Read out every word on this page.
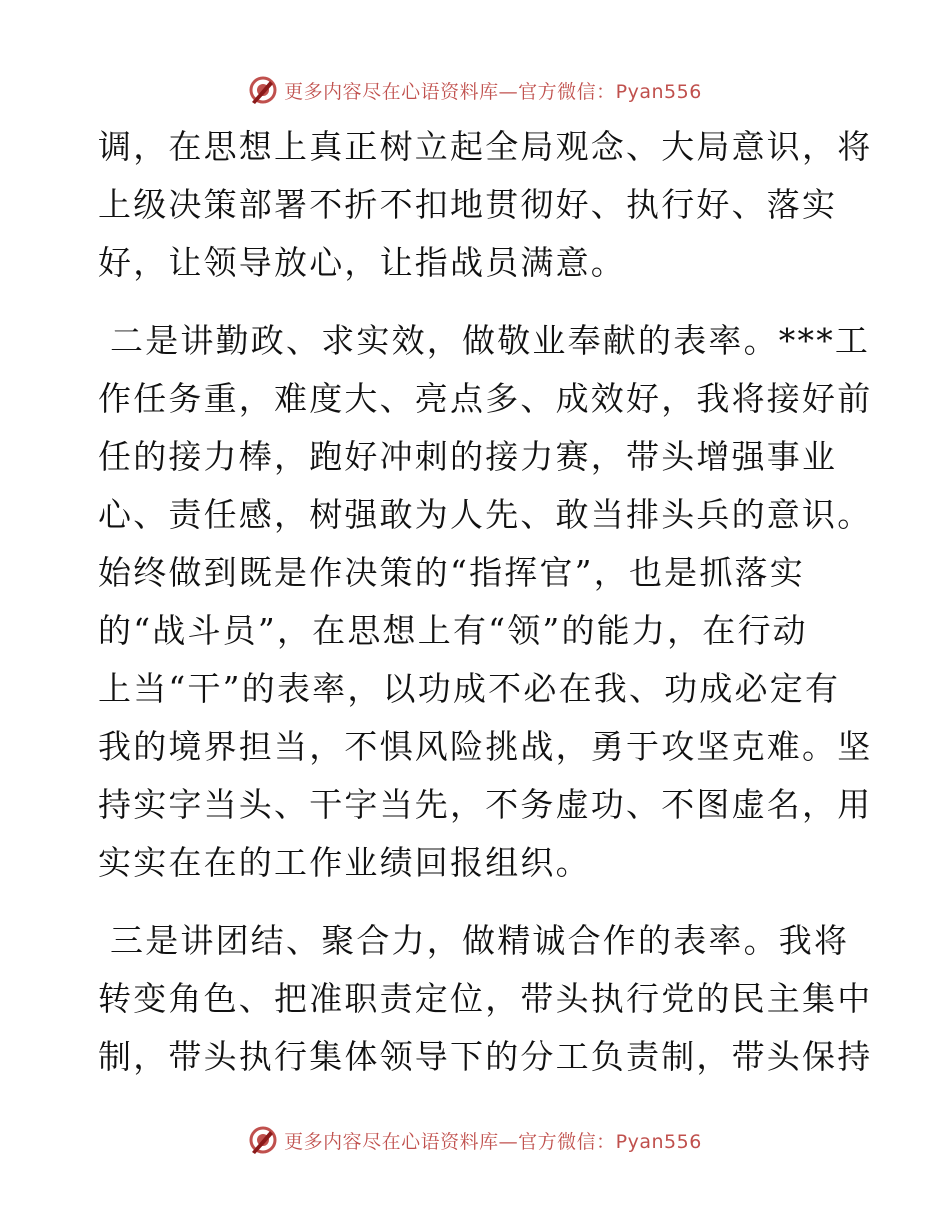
更多内容尽在心语资料库—官方微信：Pyan556
调，在思想上真正树立起全局观念、大局意识，将
上级决策部署不折不扣地贯彻好、执行好、落实
好，让领导放心，让指战员满意。
二是讲勤政、求实效，做敬业奉献的表率。***工
作任务重，难度大、亮点多、成效好，我将接好前
任的接力棒，跑好冲刺的接力赛，带头增强事业
心、责任感，树强敢为人先、敢当排头兵的意识。
始终做到既是作决策的“指挥官”，也是抓落实
的“战斗员”，在思想上有“领”的能力，在行动
上当“干”的表率，以功成不必在我、功成必定有
我的境界担当，不惧风险挑战，勇于攻坚克难。坚
持实字当头、干字当先，不务虚功、不图虚名，用
实实在在的工作业绩回报组织。
三是讲团结、聚合力，做精诚合作的表率。我将
转变角色、把准职责定位，带头执行党的民主集中
制，带头执行集体领导下的分工负责制，带头保持
更多内容尽在心语资料库—官方微信：Pyan556
